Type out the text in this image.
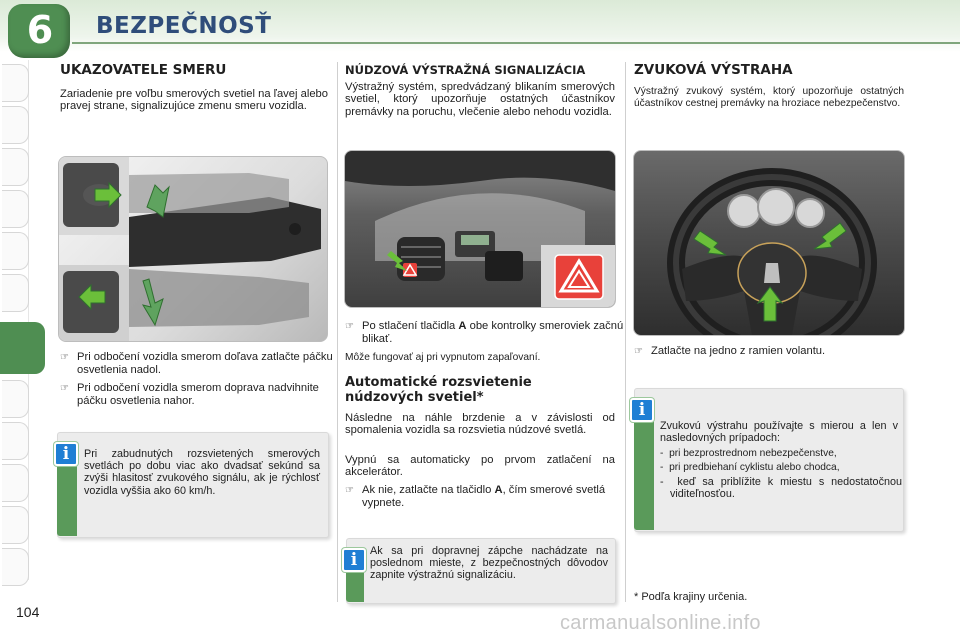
6	BEZPEČNOSŤ
UKAZOVATELE SMERU
Zariadenie pre voľbu smerových svetiel na ľavej alebo pravej strane, signalizujúce zmenu smeru vozidla.
☞ Pri odbočení vozidla smerom doľava zatlačte páčku osvetlenia nadol.
☞ Pri odbočení vozidla smerom doprava nadvihnite páčku osvetlenia nahor.
i	Pri zabudnutých rozsvietených smerových svetlách po dobu viac ako dvadsať sekúnd sa zvýši hlasitosť zvukového signálu, ak je rýchlosť vozidla vyššia ako 60 km/h.
NÚDZOVÁ VÝSTRAŽNÁ SIGNALIZÁCIA
Výstražný systém, spredvádzaný blikaním smerových svetiel, ktorý upozorňuje ostatných účastníkov premávky na poruchu, vlečenie alebo nehodu vozidla.
☞ Po stlačení tlačidla A obe kontrolky smeroviek začnú blikať.
Môže fungovať aj pri vypnutom zapaľovaní.
Automatické rozsvietenie núdzových svetiel*
Následne na náhle brzdenie a v závislosti od spomalenia vozidla sa rozsvietia núdzové svetlá.
Vypnú sa automaticky po prvom zatlačení na akcelerátor.
☞ Ak nie, zatlačte na tlačidlo A, čím smerové svetlá vypnete.
i	Ak sa pri dopravnej zápche nachádzate na poslednom mieste, z bezpečnostných dôvodov zapnite výstražnú signalizáciu.
ZVUKOVÁ VÝSTRAHA
Výstražný zvukový systém, ktorý upozorňuje ostatných účastníkov cestnej premávky na hroziace nebezpečenstvo.
☞ Zatlačte na jedno z ramien volantu.
i
Zvukovú výstrahu používajte s mierou a len v nasledovných prípadoch:
-  pri bezprostrednom nebezpečenstve,
-  pri predbiehaní cyklistu alebo chodca,
-  keď sa priblížite k miestu s nedostatočnou viditeľnosťou.
* Podľa krajiny určenia.
104	carmanualsonline.info
